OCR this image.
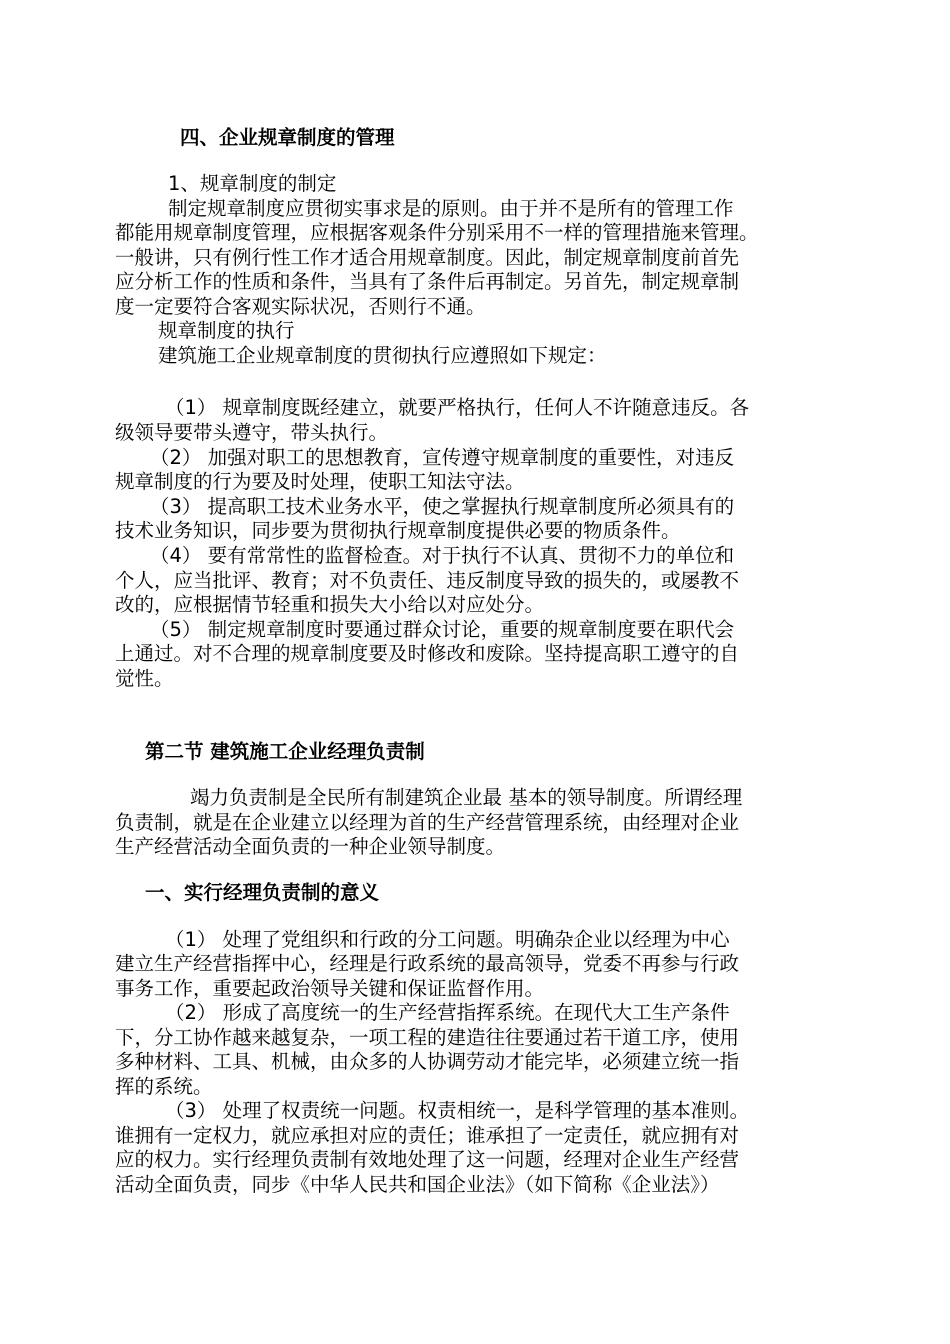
四、企业规章制度的管理
1、规章制度的制定
制定规章制度应贯彻实事求是的原则。由于并不是所有的管理工作
都能用规章制度管理，应根据客观条件分别采用不一样的管理措施来管理。
一般讲，只有例行性工作才适合用规章制度。因此，制定规章制度前首先
应分析工作的性质和条件，当具有了条件后再制定。另首先，制定规章制
度一定要符合客观实际状况，否则行不通。
规章制度的执行
建筑施工企业规章制度的贯彻执行应遵照如下规定：
（1） 规章制度既经建立，就要严格执行，任何人不许随意违反。各
级领导要带头遵守，带头执行。
（2） 加强对职工的思想教育，宣传遵守规章制度的重要性，对违反
规章制度的行为要及时处理，使职工知法守法。
（3） 提高职工技术业务水平，使之掌握执行规章制度所必须具有的
技术业务知识，同步要为贯彻执行规章制度提供必要的物质条件。
（4） 要有常常性的监督检查。对于执行不认真、贯彻不力的单位和
个人，应当批评、教育；对不负责任、违反制度导致的损失的，或屡教不
改的，应根据情节轻重和损失大小给以对应处分。
（5） 制定规章制度时要通过群众讨论，重要的规章制度要在职代会
上通过。对不合理的规章制度要及时修改和废除。坚持提高职工遵守的自
觉性。
第二节 建筑施工企业经理负责制
竭力负责制是全民所有制建筑企业最 基本的领导制度。所谓经理
负责制，就是在企业建立以经理为首的生产经营管理系统，由经理对企业
生产经营活动全面负责的一种企业领导制度。
一、实行经理负责制的意义
（1） 处理了党组织和行政的分工问题。明确杂企业以经理为中心
建立生产经营指挥中心，经理是行政系统的最高领导，党委不再参与行政
事务工作，重要起政治领导关键和保证监督作用。
（2） 形成了高度统一的生产经营指挥系统。在现代大工生产条件
下，分工协作越来越复杂，一项工程的建造往往要通过若干道工序，使用
多种材料、工具、机械，由众多的人协调劳动才能完毕，必须建立统一指
挥的系统。
（3） 处理了权责统一问题。权责相统一，是科学管理的基本准则。
谁拥有一定权力，就应承担对应的责任；谁承担了一定责任，就应拥有对
应的权力。实行经理负责制有效地处理了这一问题，经理对企业生产经营
活动全面负责，同步《中华人民共和国企业法》（如下简称《企业法》）
